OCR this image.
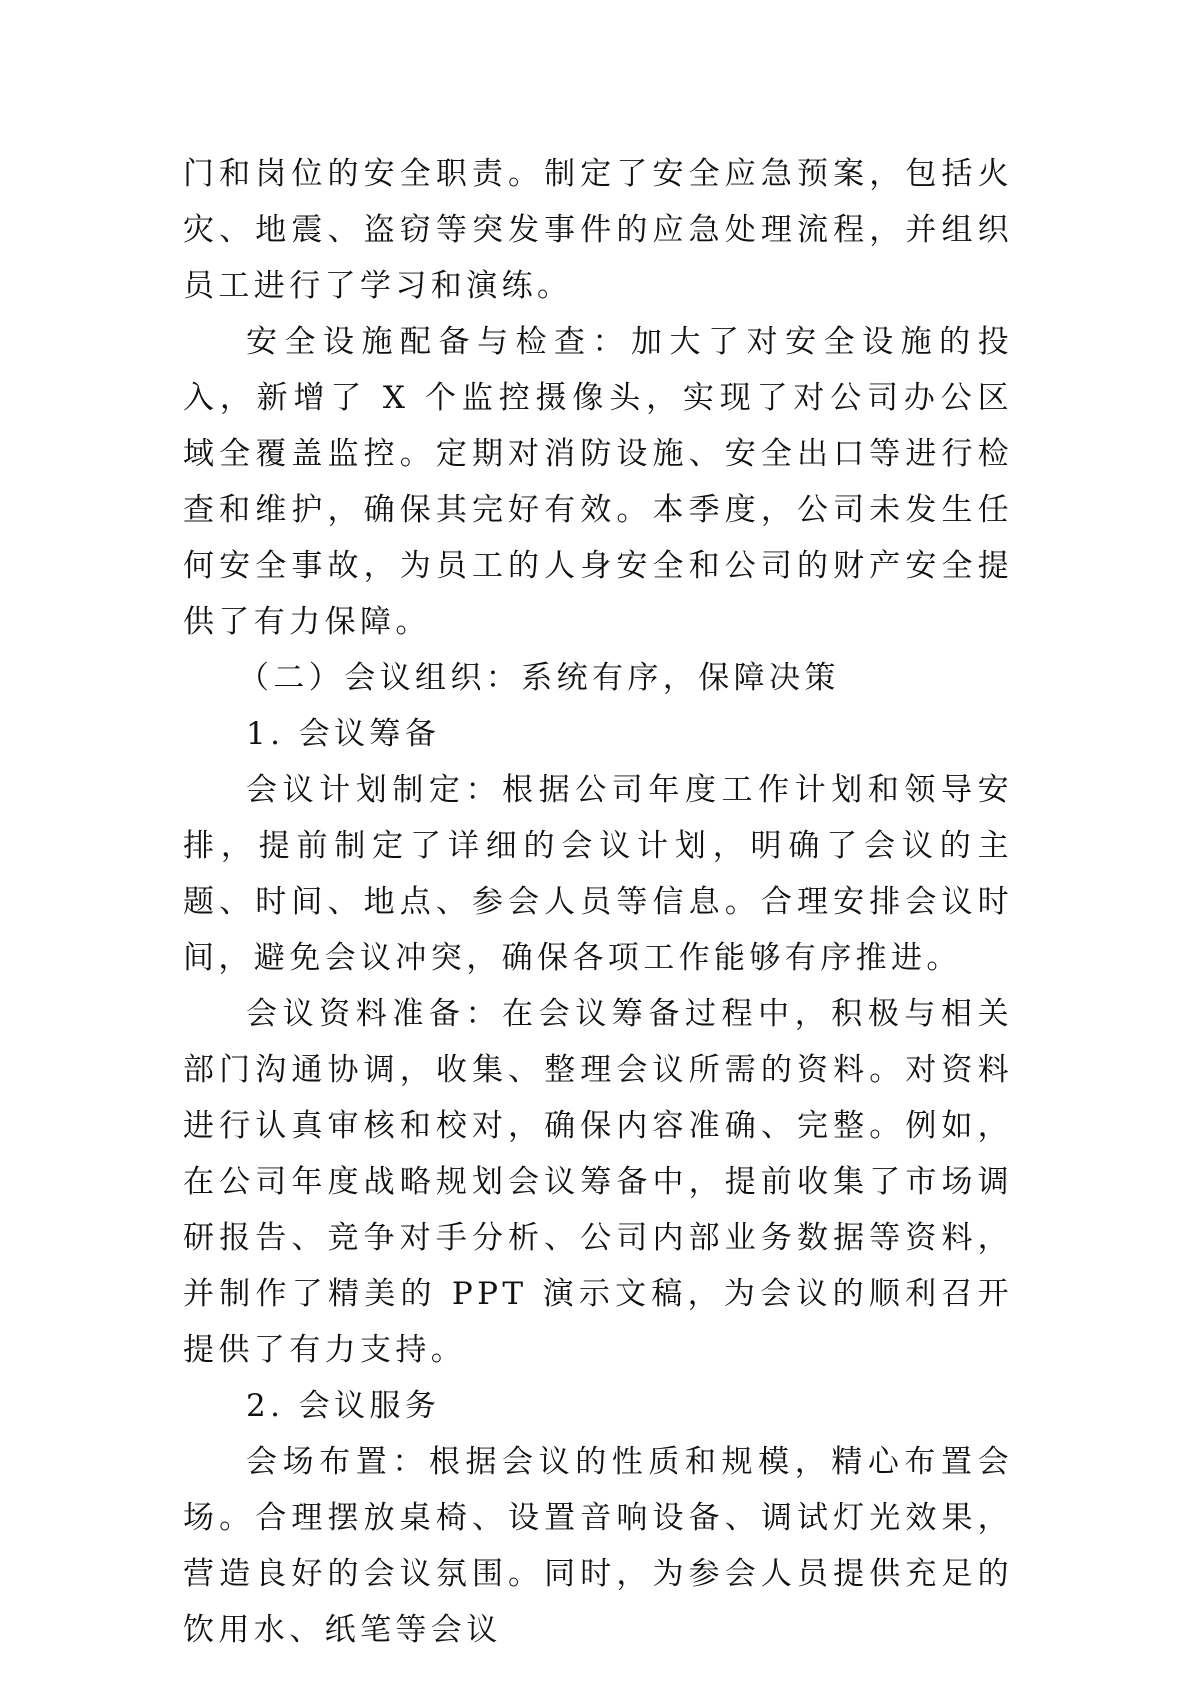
门和岗位的安全职责。制定了安全应急预案，包括火灾、地震、盗窃等突发事件的应急处理流程，并组织员工进行了学习和演练。

安全设施配备与检查：加大了对安全设施的投入，新增了 X 个监控摄像头，实现了对公司办公区域全覆盖监控。定期对消防设施、安全出口等进行检查和维护，确保其完好有效。本季度，公司未发生任何安全事故，为员工的人身安全和公司的财产安全提供了有力保障。

（二）会议组织：系统有序，保障决策
1. 会议筹备

会议计划制定：根据公司年度工作计划和领导安排，提前制定了详细的会议计划，明确了会议的主题、时间、地点、参会人员等信息。合理安排会议时间，避免会议冲突，确保各项工作能够有序推进。

会议资料准备：在会议筹备过程中，积极与相关部门沟通协调，收集、整理会议所需的资料。对资料进行认真审核和校对，确保内容准确、完整。例如，在公司年度战略规划会议筹备中，提前收集了市场调研报告、竞争对手分析、公司内部业务数据等资料，并制作了精美的 PPT 演示文稿，为会议的顺利召开提供了有力支持。

2. 会议服务

会场布置：根据会议的性质和规模，精心布置会场。合理摆放桌椅、设置音响设备、调试灯光效果，营造良好的会议氛围。同时，为参会人员提供充足的饮用水、纸笔等会议
